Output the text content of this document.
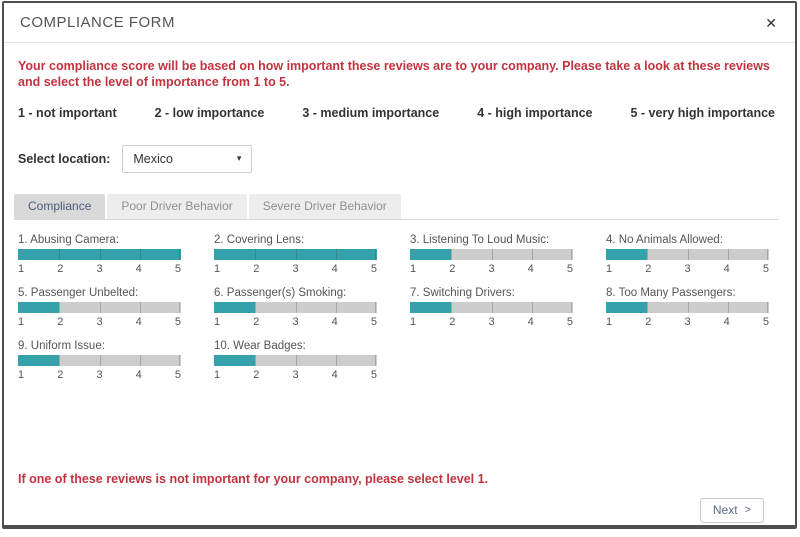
COMPLIANCE FORM	✕
Your compliance score will be based on how important these reviews are to your company. Please take a look at these reviews and select the level of importance from 1 to 5.
1 - not important	2 - low importance	3 - medium importance	4 - high importance	5 - very high importance
Select location: Mexico	▾
Compliance	Poor Driver Behavior	Severe Driver Behavior
1. Abusing Camera:
1	2	3	4	5
2. Covering Lens:
1	2	3	4	5
3. Listening To Loud Music:
1	2	3	4	5
4. No Animals Allowed:
1	2	3	4	5
5. Passenger Unbelted:
1	2	3	4	5
6. Passenger(s) Smoking:
1	2	3	4	5
7. Switching Drivers:
1	2	3	4	5
8. Too Many Passengers:
1	2	3	4	5
9. Uniform Issue:
1	2	3	4	5
10. Wear Badges:
1	2	3	4	5
If one of these reviews is not important for your company, please select level 1.
Next >
